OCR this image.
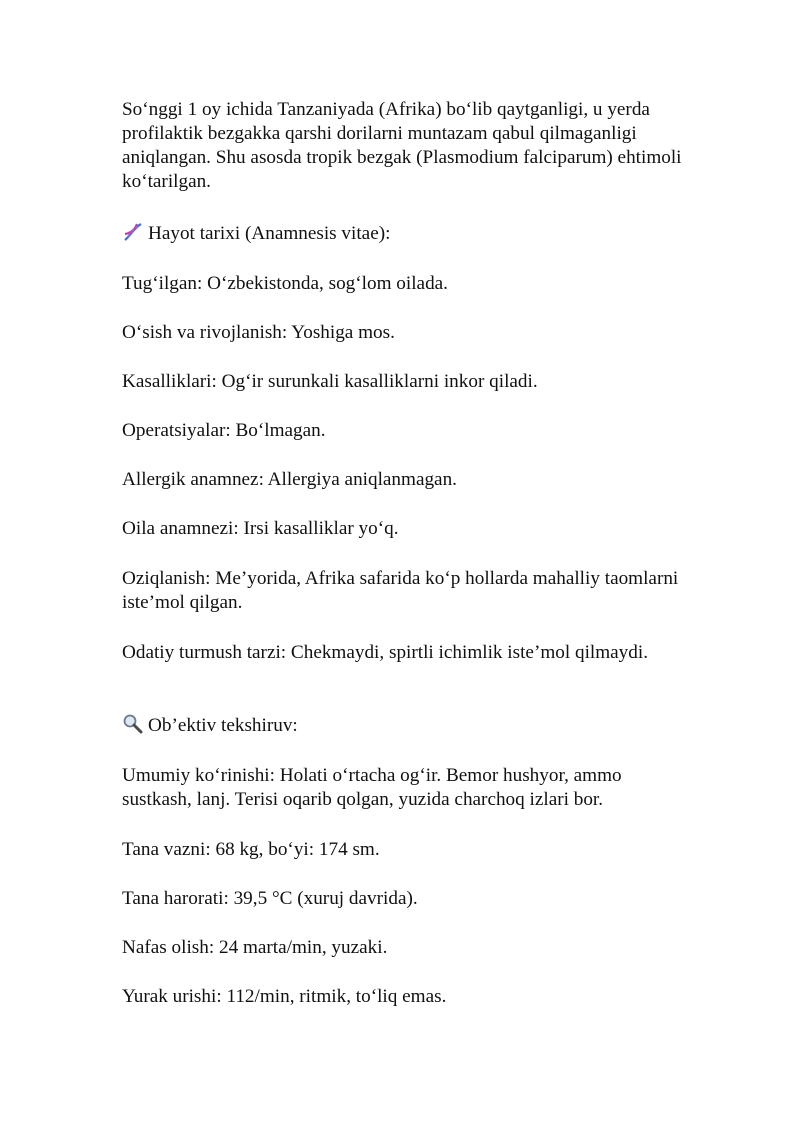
So‘nggi 1 oy ichida Tanzaniyada (Afrika) bo‘lib qaytganligi, u yerda profilaktik bezgakka qarshi dorilarni muntazam qabul qilmaganligi aniqlangan. Shu asosda tropik bezgak (Plasmodium falciparum) ehtimoli ko‘tarilgan.

Hayot tarixi (Anamnesis vitae):

Tug‘ilgan: O‘zbekistonda, sog‘lom oilada.

O‘sish va rivojlanish: Yoshiga mos.

Kasalliklari: Og‘ir surunkali kasalliklarni inkor qiladi.

Operatsiyalar: Bo‘lmagan.

Allergik anamnez: Allergiya aniqlanmagan.

Oila anamnezi: Irsi kasalliklar yo‘q.

Oziqlanish: Me’yorida, Afrika safarida ko‘p hollarda mahalliy taomlarni iste’mol qilgan.

Odatiy turmush tarzi: Chekmaydi, spirtli ichimlik iste’mol qilmaydi.

Ob’ektiv tekshiruv:

Umumiy ko‘rinishi: Holati o‘rtacha og‘ir. Bemor hushyor, ammo sustkash, lanj. Terisi oqarib qolgan, yuzida charchoq izlari bor.

Tana vazni: 68 kg, bo‘yi: 174 sm.

Tana harorati: 39,5 °C (xuruj davrida).

Nafas olish: 24 marta/min, yuzaki.

Yurak urishi: 112/min, ritmik, to‘liq emas.
